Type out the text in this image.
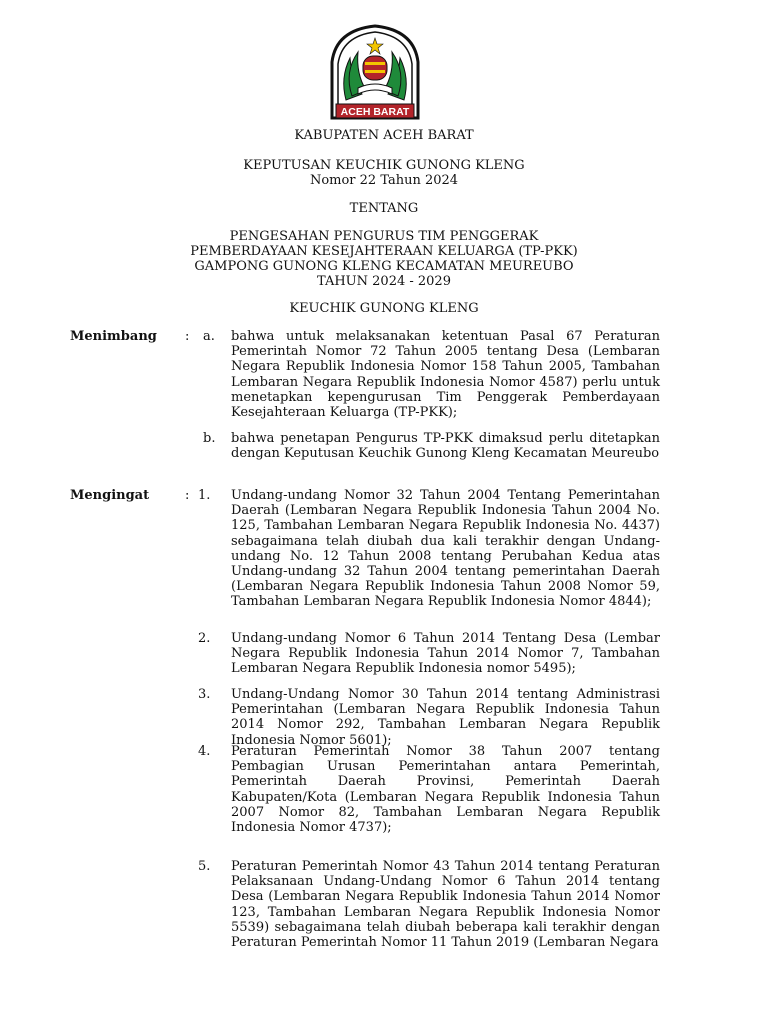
ACEH BARAT
KABUPATEN ACEH BARAT
KEPUTUSAN KEUCHIK GUNONG KLENG
Nomor 22 Tahun 2024
TENTANG
PENGESAHAN PENGURUS TIM PENGGERAK
PEMBERDAYAAN KESEJAHTERAAN KELUARGA (TP-PKK)
GAMPONG GUNONG KLENG KECAMATAN MEUREUBO
TAHUN 2024 - 2029
KEUCHIK GUNONG KLENG
Menimbang : a. bahwa untuk melaksanakan ketentuan Pasal 67 Peraturan Pemerintah Nomor 72 Tahun 2005 tentang Desa (Lembaran Negara Republik Indonesia Nomor 158 Tahun 2005, Tambahan Lembaran Negara Republik Indonesia Nomor 4587) perlu untuk menetapkan kepengurusan Tim Penggerak Pemberdayaan Kesejahteraan Keluarga (TP-PKK);
b. bahwa penetapan Pengurus TP-PKK dimaksud perlu ditetapkan dengan Keputusan Keuchik Gunong Kleng Kecamatan Meureubo
Mengingat	: 1. Undang-undang Nomor 32 Tahun 2004 Tentang Pemerintahan Daerah (Lembaran Negara Republik Indonesia Tahun 2004 No. 125, Tambahan Lembaran Negara Republik Indonesia No. 4437) sebagaimana telah diubah dua kali terakhir dengan Undang-undang No. 12 Tahun 2008 tentang Perubahan Kedua atas Undang-undang 32 Tahun 2004 tentang pemerintahan Daerah (Lembaran Negara Republik Indonesia Tahun 2008 Nomor 59, Tambahan Lembaran Negara Republik Indonesia Nomor 4844);
2. Undang-undang Nomor 6 Tahun 2014 Tentang Desa (Lembar Negara Republik Indonesia Tahun 2014 Nomor 7, Tambahan Lembaran Negara Republik Indonesia nomor 5495);
3. Undang-Undang Nomor 30 Tahun 2014 tentang Administrasi Pemerintahan (Lembaran Negara Republik Indonesia Tahun 2014 Nomor 292, Tambahan Lembaran Negara Republik Indonesia Nomor 5601);
4. Peraturan Pemerintah Nomor 38 Tahun 2007 tentang Pembagian Urusan Pemerintahan antara Pemerintah, Pemerintah Daerah Provinsi, Pemerintah Daerah Kabupaten/Kota (Lembaran Negara Republik Indonesia Tahun 2007 Nomor 82, Tambahan Lembaran Negara Republik Indonesia Nomor 4737);
5. Peraturan Pemerintah Nomor 43 Tahun 2014 tentang Peraturan Pelaksanaan Undang-Undang Nomor 6 Tahun 2014 tentang Desa (Lembaran Negara Republik Indonesia Tahun 2014 Nomor 123, Tambahan Lembaran Negara Republik Indonesia Nomor 5539) sebagaimana telah diubah beberapa kali terakhir dengan Peraturan Pemerintah Nomor 11 Tahun 2019 (Lembaran Negara
